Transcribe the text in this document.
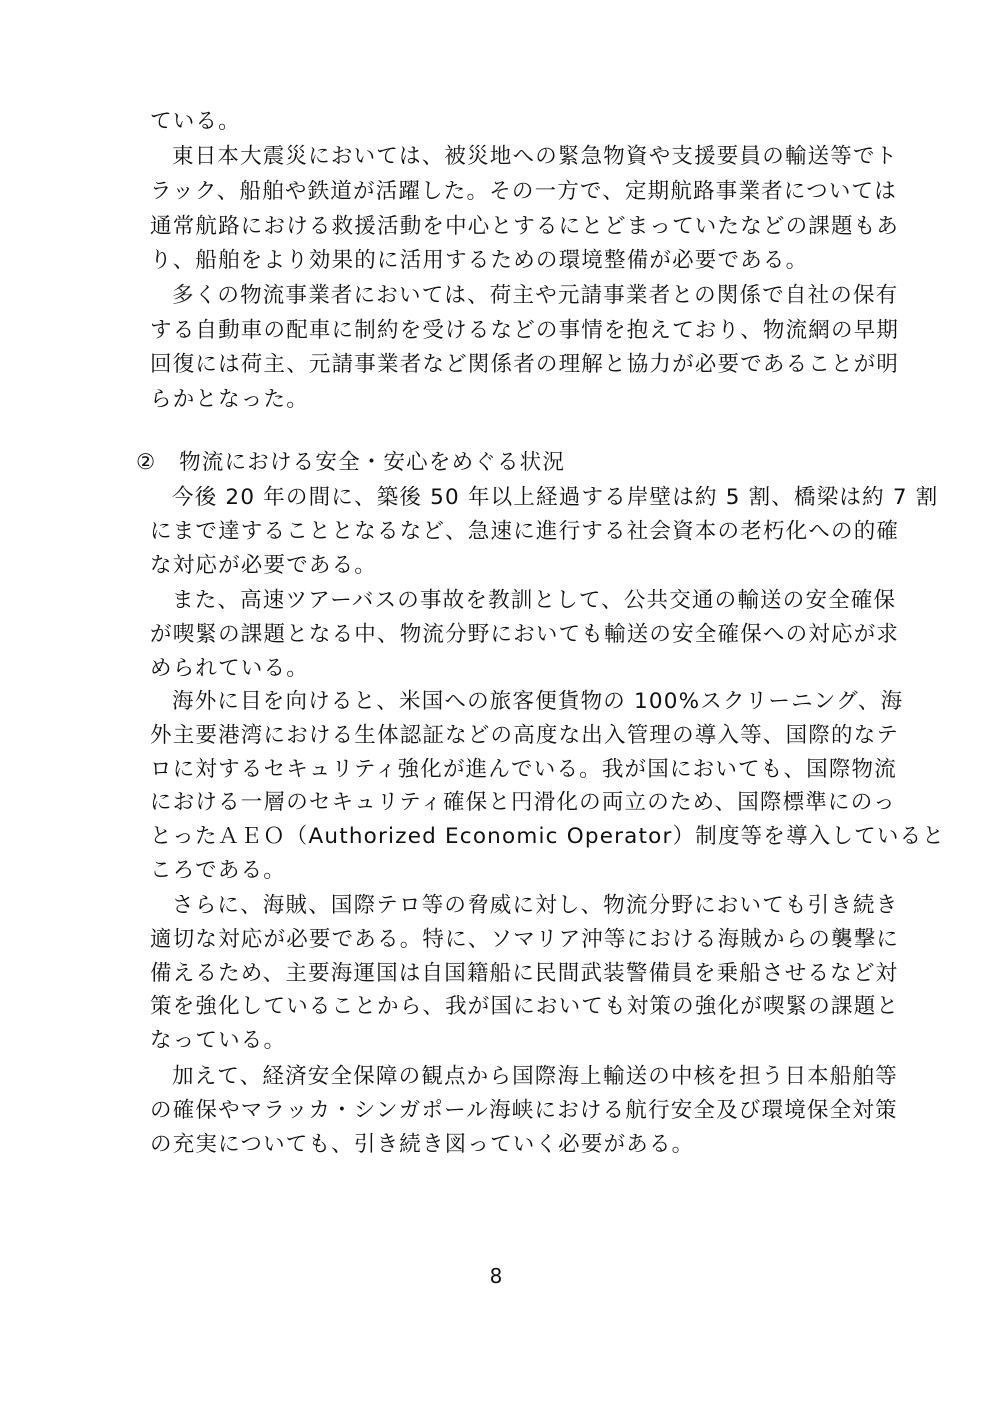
ている。
東日本大震災においては、被災地への緊急物資や支援要員の輸送等でト
ラック、船舶や鉄道が活躍した。その一方で、定期航路事業者については
通常航路における救援活動を中心とするにとどまっていたなどの課題もあ
り、船舶をより効果的に活用するための環境整備が必要である。
多くの物流事業者においては、荷主や元請事業者との関係で自社の保有
する自動車の配車に制約を受けるなどの事情を抱えており、物流網の早期
回復には荷主、元請事業者など関係者の理解と協力が必要であることが明
らかとなった。
②　物流における安全・安心をめぐる状況
今後 20 年の間に、築後 50 年以上経過する岸壁は約 5 割、橋梁は約 7 割
にまで達することとなるなど、急速に進行する社会資本の老朽化への的確
な対応が必要である。
また、高速ツアーバスの事故を教訓として、公共交通の輸送の安全確保
が喫緊の課題となる中、物流分野においても輸送の安全確保への対応が求
められている。
海外に目を向けると、米国への旅客便貨物の 100%スクリーニング、海
外主要港湾における生体認証などの高度な出入管理の導入等、国際的なテ
ロに対するセキュリティ強化が進んでいる。我が国においても、国際物流
における一層のセキュリティ確保と円滑化の両立のため、国際標準にのっ
とったＡＥＯ（Authorized Economic Operator）制度等を導入していると
ころである。
さらに、海賊、国際テロ等の脅威に対し、物流分野においても引き続き
適切な対応が必要である。特に、ソマリア沖等における海賊からの襲撃に
備えるため、主要海運国は自国籍船に民間武装警備員を乗船させるなど対
策を強化していることから、我が国においても対策の強化が喫緊の課題と
なっている。
加えて、経済安全保障の観点から国際海上輸送の中核を担う日本船舶等
の確保やマラッカ・シンガポール海峡における航行安全及び環境保全対策
の充実についても、引き続き図っていく必要がある。
8
